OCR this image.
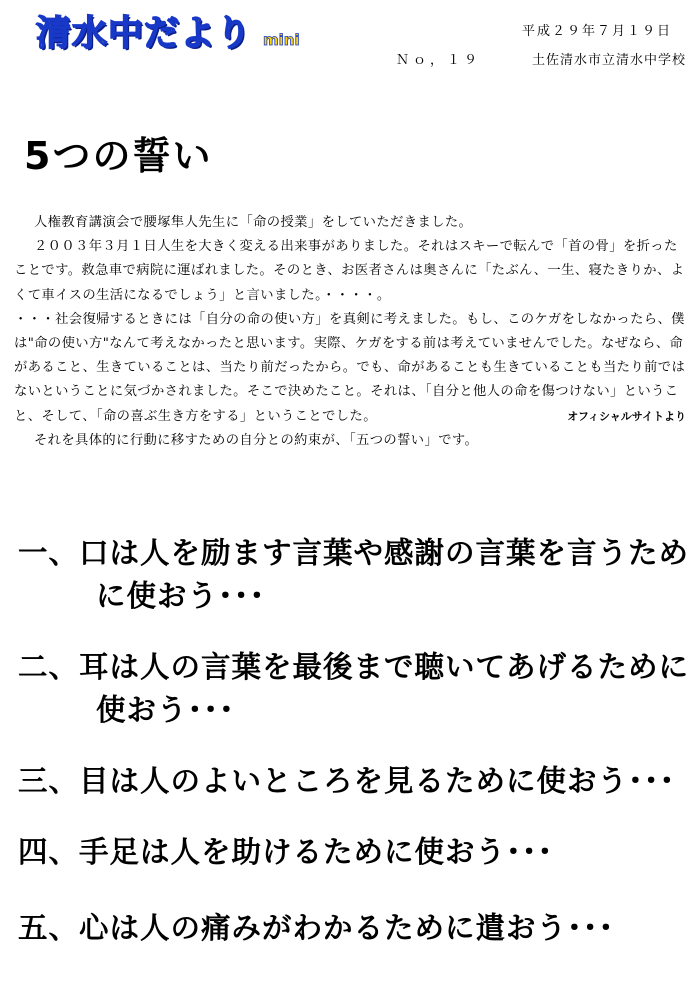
清水中だより mini	平成２９年７月１９日
Ｎｏ，１９	土佐清水市立清水中学校
5つの誓い

人権教育講演会で腰塚隼人先生に「命の授業」をしていただきました。

２００３年３月１日人生を大きく変える出来事がありました。それはスキーで転んで「首の骨」を折ったことです。救急車で病院に運ばれました。そのとき、お医者さんは奥さんに「たぶん、一生、寝たきりか、よくて車イスの生活になるでしょう」と言いました。・・・・。

・・・社会復帰するときには「自分の命の使い方」を真剣に考えました。もし、このケガをしなかったら、僕は"命の使い方"なんて考えなかったと思います。実際、ケガをする前は考えていませんでした。なぜなら、命があること、生きていることは、当たり前だったから。でも、命があることも生きていることも当たり前ではないということに気づかされました。そこで決めたこと。それは、「自分と他人の命を傷つけない」ということ、そして、「命の喜ぶ生き方をする」ということでした。	オフィシャルサイトより

それを具体的に行動に移すための自分との約束が、「五つの誓い」です。

一、口は人を励ます言葉や感謝の言葉を言うために使おう･･･
二、耳は人の言葉を最後まで聴いてあげるために使おう･･･
三、目は人のよいところを見るために使おう･･･
四、手足は人を助けるために使おう･･･
五、心は人の痛みがわかるために遣おう･･･
